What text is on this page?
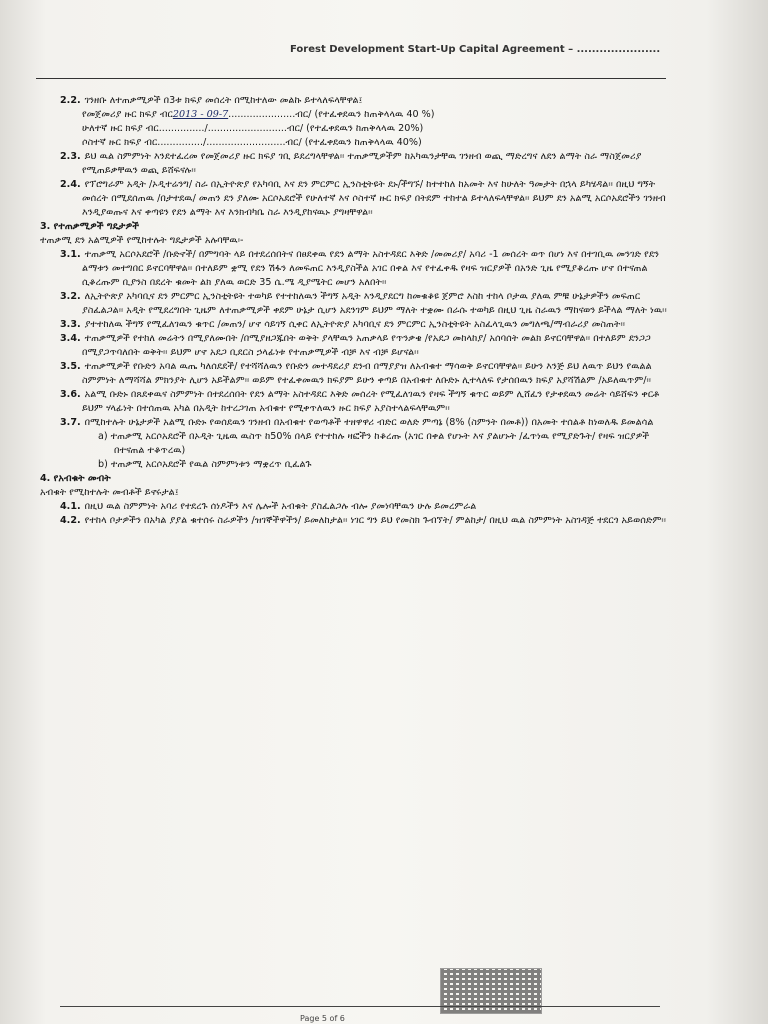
Forest Development Start-Up Capital Agreement – ......................
2.2. ገንዘቡ ለተጠቃሚዎች በ3ቱ ክፍያ መሰረት በሚከተለው መልኩ ይተላለፍላቸዋል፤
የመጀመሪያ ዙር ክፍያ ብር2013 - 09-7......................ብር/ (የተፈቀደዉን ከጠቅላላዉ 40 %)
ሁለተኛ ዙር ክፍያ ብር.............../..........................ብር/ (የተፈቀደዉን ከጠቅላላዉ 20%)
ሶስተኛ ዙር ክፍያ ብር.............../..........................ብር/ (የተፈቀደዉን ከጠቅላላዉ 40%)
2.3. ይህ ዉል ስምምነት እንደተፈረመ የመጀመሪያ ዙር ክፍያ ገቢ ይደረግላቸዋል፡፡ ተጠቃሚዎችም ከአካዉንታቸዉ ገንዘብ ወጪ ማድረግና ለደን ልማት ስራ ማስጀመሪያ የሚጠይቃቸዉን ወጪ ይሸፍናሉ፡፡
2.4. የፕሮግራም አዲት /ኦዲተሬንግ/ ስራ በኢትዮጵያ የአካባቢ እና ደን ምርምር ኢንስቲትዩት ደኑ/ችግኙ/ ከተተከለ ከአመት እና ከሁለት ዓመታት በኋላ ይካሄዳል፡፡ በዚህ ግኝት መሰረት በሚደሰጠዉ /በታተደዉ/ መጠን ደን ያለሙ አርሶአደሮች የሁለተኛ እና ሶስተኛ ዙር ክፍያ በትደም ተከተል ይተላለፍላቸዋል፡፡ ይህም ደን አልሚ አርሶአደሮችን ገንዘብ እንዲያወጡና እና ቀጣዩን የደን ልማት እና እንክብካቤ ስራ እንዲያከናዉኑ ያግዛቸዋል፡፡
3. የተጠቃሚዎች ግዴታዎች
ተጠቃሚ ደን አልሚዎች የሚከተሉት ግዴታዎች አሉባቸዉ፡-
3.1. ተጠቃሚ አርሶአደሮች /ቡድኖች/ በምግባት ላይ በተደረሰበትና በፀደቀዉ የደን ልማት አስተዳደር እቅድ /መመሪያ/ አባሪ -1 መሰረት ወጥ በሆነ እና በተገቢዉ መንገድ የደን ልማቱን መተግበር ይኖርባቸዋል፡፡ በተለይም ቋሚ የደን ሽፋን ለመፍጠር እንዲያስችል አገር በቀል እና የተፈቀዱ የዛፍ ዝርያዎች በአንድ ጊዜ የሚያቆረጡ ሆኖ በተናጠል ሲቆረጡም ቢያንስ በደረት ቁመት ልክ ያለዉ ወርድ 35 ሴ.ሜ ዲያሜትር መሆን አለበት፡፡
3.2. ለኢትዮጵያ አካባቢና ደን ምርምር ኢንስቲትዩት ተወካይ የተተከለዉን ችግኝ አዲት እንዲያደርግ ከመቁቆዩ ጀምሮ እስከ ተከላ ቦታዉ ያለዉ ምቹ ሁኔታዎችን መፍጠር ያስፈልጋል፡፡ አዲት የሚደረግበት ጊዜም ለተጠቃሚዎች ቀደም ሁኔታ ሲሆን አደንገም ይህም ማለት ተቋሙ በራሱ ተወካይ በዚህ ጊዜ ስራዉን ማከናወን ይችላል ማለት ነዉ፡፡
3.3. ያተተከለዉ ችግኝ የሚፈለገዉን ቁጥር /መጠን/ ሆኖ ሳይገኝ ሲቀር ለኢትዮጵያ አካባቢና ደን ምርምር ኢንስቲትዩት አስፈላጊዉን መግለጫ/ማብራሪያ መስጠት፡፡
3.4. ተጠቃሚዎች የተከለ መሬትን በሚያለሙበት /በሚያዘጋጁበት ወቅት ያላቸዉን አጠቃላይ የጥንቃቄ /የአደጋ መከላከያ/ አሰባሰት መልክ ይኖርባቸዋል፡፡ በተለይም ደንጋጋ በሚያጋጥባለበት ወቅት፡፡ ይህም ሆኖ አደጋ ቢደርስ ኃላፊነቱ የተጠቃሚዎች ብቻ እና ብቻ ይሆናል፡፡
3.5. ተጠቃሚዎች የቡድን አባል ዉጤ ካለሰደደች/ የተሻሻለዉን የቡድን መተዳደሪያ ደንብ በማያያዝ ለአብቁተ ማሳወቅ ይኖርባቸዋል፡፡ ይሁን እንጅ ይህ ለዉጥ ይህን የዉልል ስምምነት ለማሻሻል ምክንያት ሊሆን አይችልም፡፡ ወይም የተፈቀመዉን ክፍያም ይሁን ቀጣይ በአብቁተ ለቡድኑ ሊተላለፍ የታሰበዉን ክፍያ አያሻሽልም /አይለዉጥም/፡፡
3.6. አልሚ ቡድኑ በጸደቀዉና ስምምነት በተደረሰበት የደን ልማት አስተዳደር እቅድ መሰረት የሚፈለገዉን የዛፍ ችግኝ ቁጥር ወይም ሊሸፈን የታቀደዉን መሬት ሳይሸፍን ቀርቶ ይህም ሃላፊነት በተሰጠዉ አካል በአዲት ከተረጋገጠ አብቁተ የሚቀጥለዉን ዙር ክፍያ አያስተላልፍላቸዉም፡፡
3.7. በሚከተሉት ሁኔታዎች አልሚ ቡድኑ የወሰደዉን ገንዘብ በአብቁተ የወጣቶች ተዘዋዋሪ ብድር ወለድ ምጣኔ (8% (ስምንት በመቶ)) በአመት ተሰልቶ ከነወለዱ ይመልሳል
a) ተጠቃሚ አርሶአደሮች በኦዲት ጊዜዉ ዉስጥ ከ50% በላይ የተተከሉ ዛፎችን ከቆረጡ (አገር በቀል የሆኑት እና ያልሆኑት /ፈጥነዉ የሚያድጉት/ የዛፍ ዝርያዎች በተናጠል ተቆጥረዉ)
b) ተጠቃሚ አርሶአደሮች የዉል ስምምነቱን ማቋረጥ ቢፈልጉ
4. የአብቁት መብት
አብቁት የሚከተሉት መብቶች ይኖሩታል፤
4.1. በዚህ ዉል ስምምነት አባሪ የተደረጉ ሰነዶችን እና ሌሎች አብቁት ያስፈልጋሉ ብሎ ያመነባቸዉን ሁሉ ይመረምራል
4.2. የተከላ ቦታዎችን በአካል ያያል ቁተሰሩ ስራዎችን /ዝገኞችዋችን/ ይመለከታል፡፡ ነገር ግን ይህ የመስክ ጉብኘት/ ምልከታ/ በዚህ ዉል ስምምነት አስገዳጅ ተደርጎ አይወሰድም፡፡
Page 5 of 6
